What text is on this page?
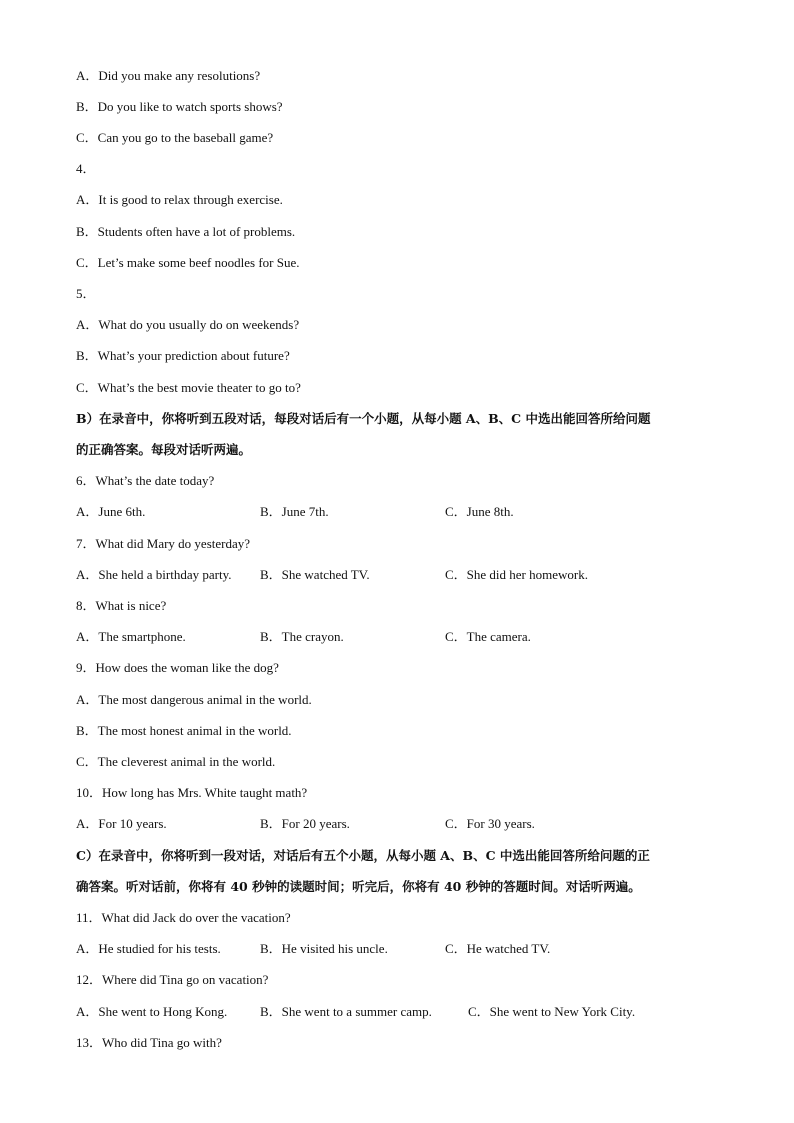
A．Did you make any resolutions?
B．Do you like to watch sports shows?
C．Can you go to the baseball game?
4．
A．It is good to relax through exercise.
B．Students often have a lot of problems.
C．Let’s make some beef noodles for Sue.
5．
A．What do you usually do on weekends?
B．What’s your prediction about future?
C．What’s the best movie theater to go to?
B）在录音中，你将听到五段对话，每段对话后有一个小题，从每小题 A、B、C 中选出能回答所给问题
的正确答案。每段对话听两遍。
6．What’s the date today?
A．June 6th.	B．June 7th.	C．June 8th.
7．What did Mary do yesterday?
A．She held a birthday party. B．She watched TV.	C．She did her homework.
8．What is nice?
A．The smartphone.	B．The crayon.	C．The camera.
9．How does the woman like the dog?
A．The most dangerous animal in the world.
B．The most honest animal in the world.
C．The cleverest animal in the world.
10．How long has Mrs. White taught math?
A．For 10 years.	B．For 20 years.	C．For 30 years.
C）在录音中，你将听到一段对话，对话后有五个小题，从每小题 A、B、C 中选出能回答所给问题的正
确答案。听对话前，你将有 40 秒钟的读题时间；听完后，你将有 40 秒钟的答题时间。对话听两遍。
11．What did Jack do over the vacation?
A．He studied for his tests.	B．He visited his uncle.	C．He watched TV.
12．Where did Tina go on vacation?
A．She went to Hong Kong.	B．She went to a summer camp.	C．She went to New York City.
13．Who did Tina go with?
